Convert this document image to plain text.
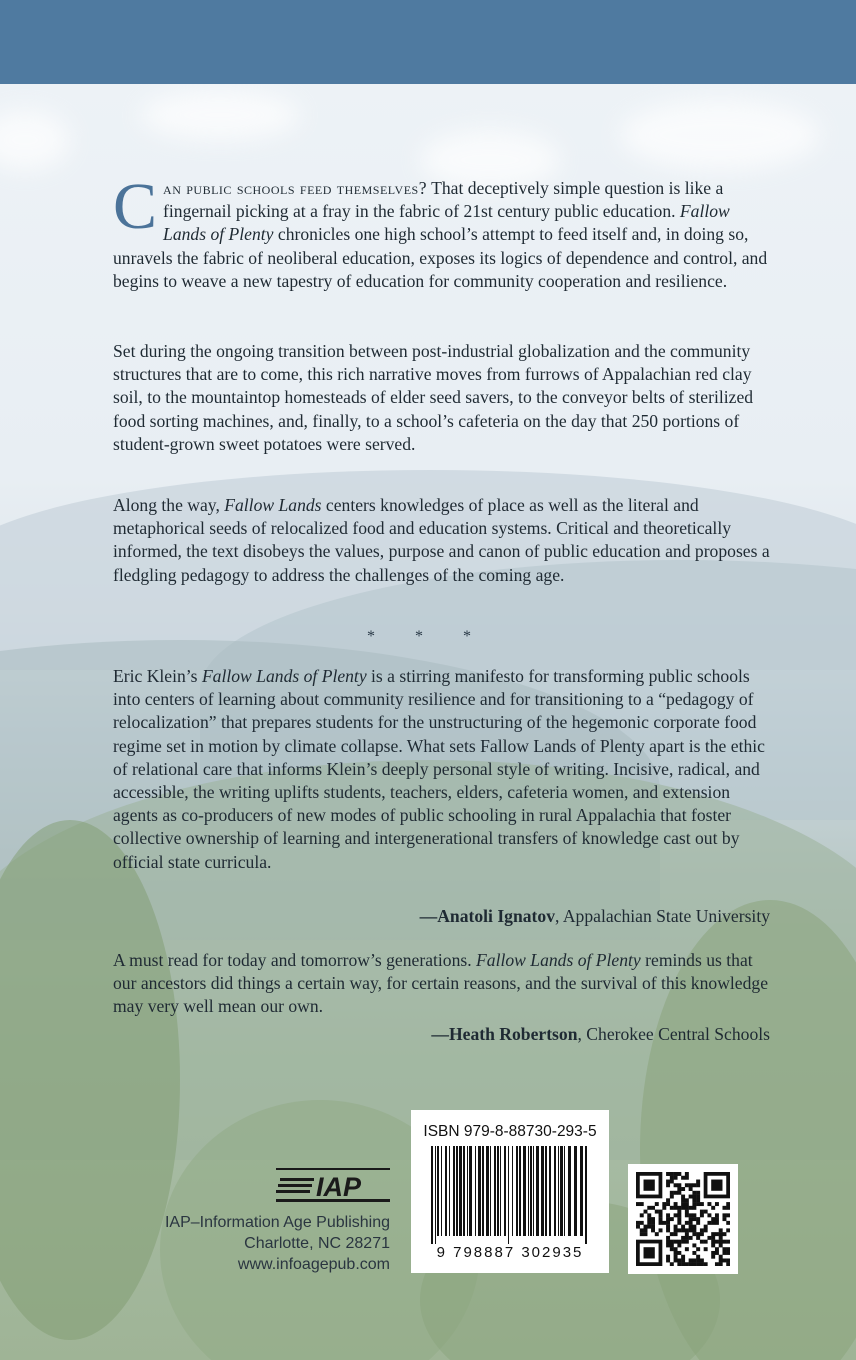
Can public schools feed themselves? That deceptively simple question is like a fingernail picking at a fray in the fabric of 21st century public education. Fallow Lands of Plenty chronicles one high school’s attempt to feed itself and, in doing so, unravels the fabric of neoliberal education, exposes its logics of dependence and control, and begins to weave a new tapestry of education for community cooperation and resilience.

Set during the ongoing transition between post-industrial globalization and the community structures that are to come, this rich narrative moves from furrows of Appalachian red clay soil, to the mountaintop homesteads of elder seed savers, to the conveyor belts of sterilized food sorting machines, and, finally, to a school’s cafeteria on the day that 250 portions of student-grown sweet potatoes were served.

Along the way, Fallow Lands centers knowledges of place as well as the literal and metaphorical seeds of relocalized food and education systems. Critical and theoretically informed, the text disobeys the values, purpose and canon of public education and proposes a fledgling pedagogy to address the challenges of the coming age.

* * *

Eric Klein’s Fallow Lands of Plenty is a stirring manifesto for transforming public schools into centers of learning about community resilience and for transitioning to a “pedagogy of relocalization” that prepares students for the unstructuring of the hegemonic corporate food regime set in motion by climate collapse. What sets Fallow Lands of Plenty apart is the ethic of relational care that informs Klein’s deeply personal style of writing. Incisive, radical, and accessible, the writing uplifts students, teachers, elders, cafeteria women, and extension agents as co-producers of new modes of public schooling in rural Appalachia that foster collective ownership of learning and intergenerational transfers of knowledge cast out by official state curricula.

—Anatoli Ignatov, Appalachian State University

A must read for today and tomorrow’s generations. Fallow Lands of Plenty reminds us that our ancestors did things a certain way, for certain reasons, and the survival of this knowledge may very well mean our own.

—Heath Robertson, Cherokee Central Schools
IAP
IAP–Information Age Publishing
Charlotte, NC 28271
www.infoagepub.com
ISBN 979-8-88730-293-5
9 798887 302935
